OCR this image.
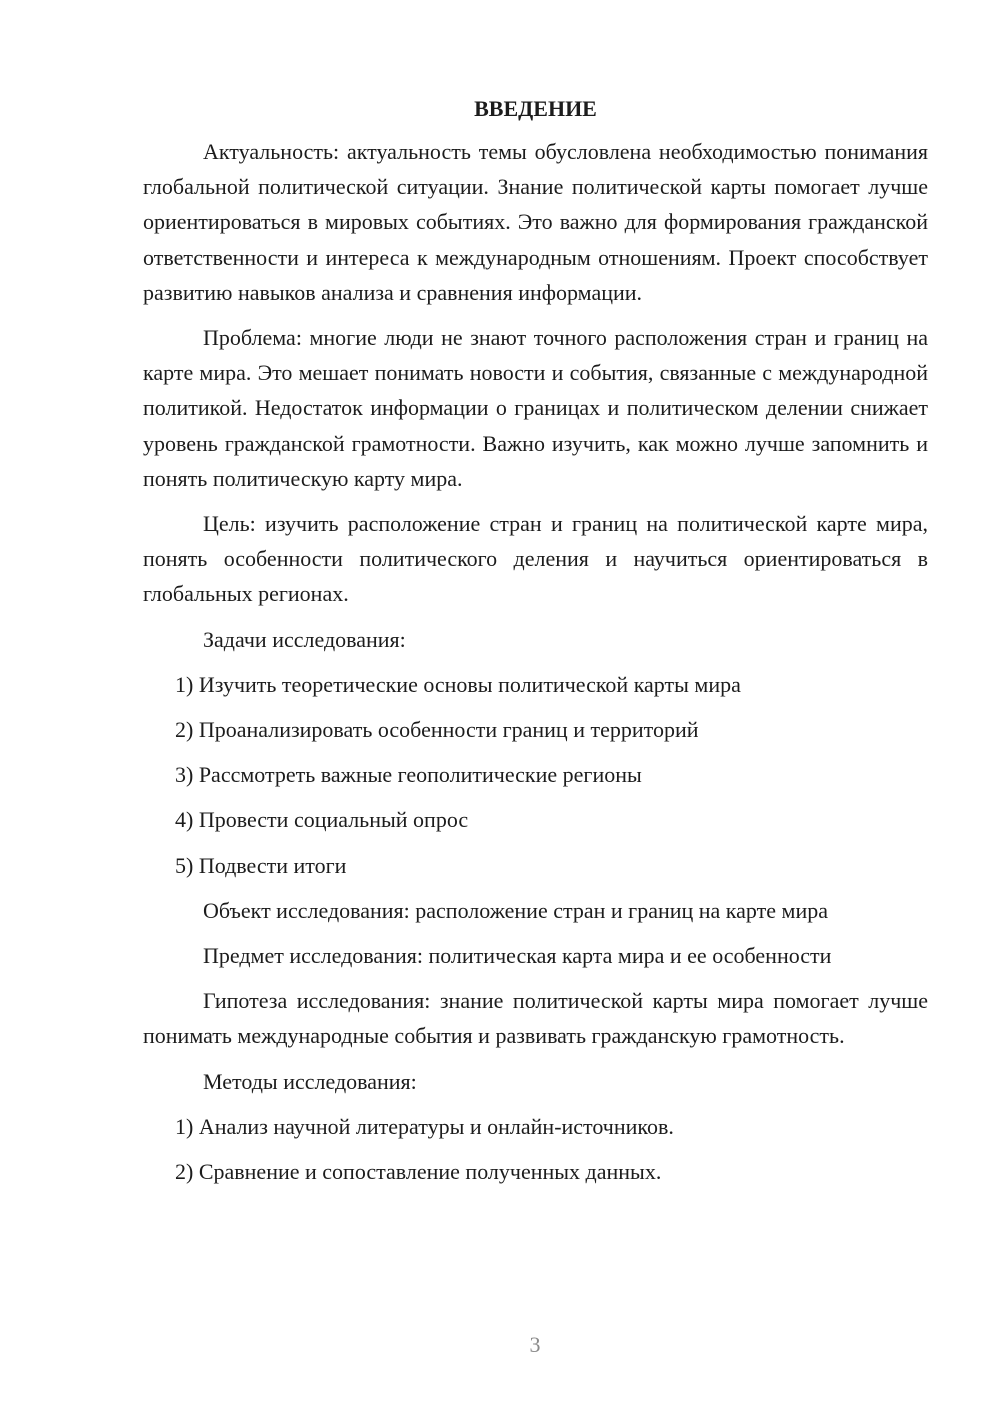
ВВЕДЕНИЕ

Актуальность: актуальность темы обусловлена необходимостью понимания глобальной политической ситуации. Знание политической карты помогает лучше ориентироваться в мировых событиях. Это важно для формирования гражданской ответственности и интереса к международным отношениям. Проект способствует развитию навыков анализа и сравнения информации.

Проблема: многие люди не знают точного расположения стран и границ на карте мира. Это мешает понимать новости и события, связанные с международной политикой. Недостаток информации о границах и политическом делении снижает уровень гражданской грамотности. Важно изучить, как можно лучше запомнить и понять политическую карту мира.

Цель: изучить расположение стран и границ на политической карте мира, понять особенности политического деления и научиться ориентироваться в глобальных регионах.

Задачи исследования:
1) Изучить теоретические основы политической карты мира
2) Проанализировать особенности границ и территорий
3) Рассмотреть важные геополитические регионы
4) Провести социальный опрос
5) Подвести итоги
Объект исследования: расположение стран и границ на карте мира
Предмет исследования: политическая карта мира и ее особенности

Гипотеза исследования: знание политической карты мира помогает лучше понимать международные события и развивать гражданскую грамотность.

Методы исследования:
1) Анализ научной литературы и онлайн-источников.
2) Сравнение и сопоставление полученных данных.
3
